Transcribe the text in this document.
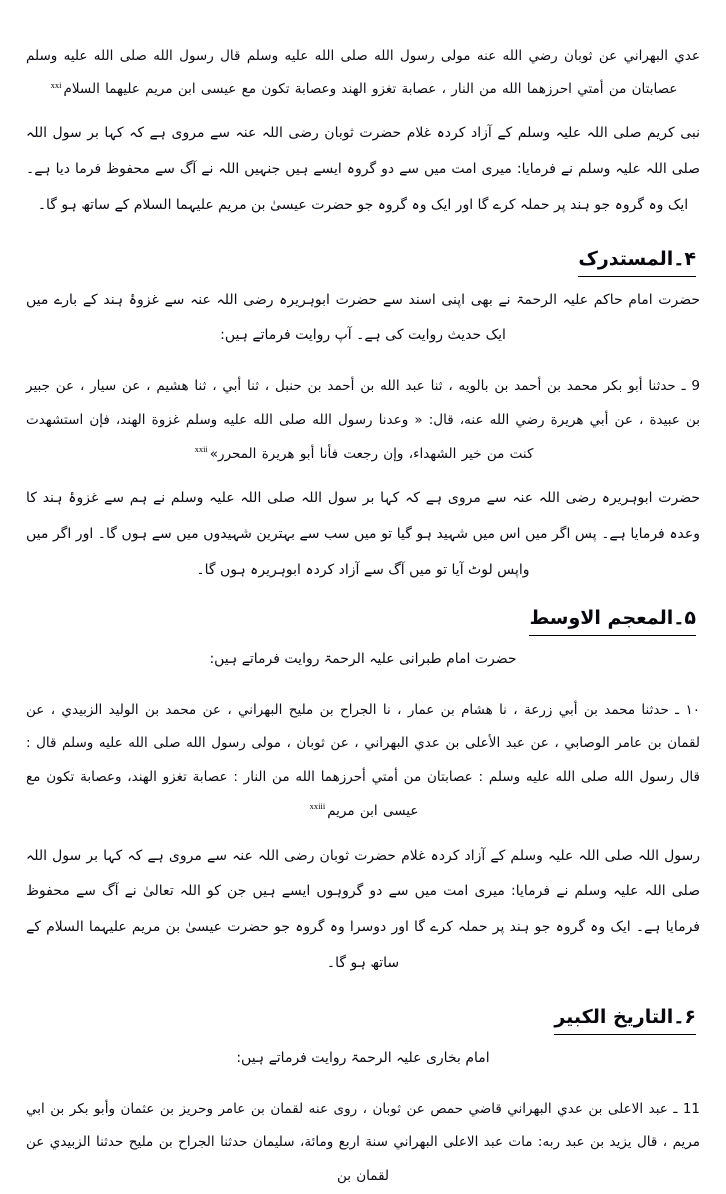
عدي البهراني عن ثوبان رضي الله عنه مولى رسول الله صلى الله عليه وسلم قال رسول الله صلى الله عليه وسلم عصابتان من أمتي احرزهما الله من النار ، عصابة تغزو الهند وعصابة تكون مع عيسى ابن مريم عليهما السلام$^{xxi}$

نبی کریم صلی اللہ علیہ وسلم کے آزاد کردہ غلام حضرت ثوبان رضی اللہ عنہ سے مروی ہے کہ کہا بر سول اللہ صلی اللہ علیہ وسلم نے فرمایا: میری امت میں سے دو گروہ ایسے ہیں جنہیں اللہ نے آگ سے محفوظ فرما دیا ہے۔ ایک وہ گروہ جو ہند پر حملہ کرے گا اور ایک وہ گروہ جو حضرت عیسیٰ بن مریم علیہما السلام کے ساتھ ہو گا۔

۴۔المستدرک

حضرت امام حاکم علیہ الرحمۃ نے بھی اپنی اسند سے حضرت ابوہریرہ رضی اللہ عنہ سے غزوۂ ہند کے بارے میں ایک حدیث روایت کی ہے۔ آپ روایت فرماتے ہیں:

9 ـ حدثنا أبو بكر محمد بن أحمد بن بالويه ، ثنا عبد الله بن أحمد بن حنبل ، ثنا أبي ، ثنا هشيم ، عن سيار ، عن جبير بن عبيدة ، عن أبي هريرة رضي الله عنه، قال: « وعدنا رسول الله صلى الله عليه وسلم غزوة الهند، فإن استشهدت كنت من خير الشهداء، وإن رجعت فأنا أبو هريرة المحرر»$^{xxii}$

حضرت ابوہریرہ رضی اللہ عنہ سے مروی ہے کہ کہا بر سول اللہ صلی اللہ علیہ وسلم نے ہم سے غزوۂ ہند کا وعدہ فرمایا ہے۔ پس اگر میں اس میں شہید ہو گیا تو میں سب سے بہترین شہیدوں میں سے ہوں گا۔ اور اگر میں واپس لوٹ آیا تو میں آگ سے آزاد کردہ ابوہریرہ ہوں گا۔

۵۔المعجم الاوسط

حضرت امام طبرانی علیہ الرحمۃ روایت فرماتے ہیں:

١٠ ـ حدثنا محمد بن أبي زرعة ، نا هشام بن عمار ، نا الجراح بن مليح البهراني ، عن محمد بن الوليد الزبيدي ، عن لقمان بن عامر الوصابي ، عن عبد الأعلى بن عدي البهراني ، عن ثوبان ، مولى رسول الله صلى الله عليه وسلم قال : قال رسول الله صلى الله عليه وسلم : عصابتان من أمتي أحرزهما الله من النار : عصابة تغزو الهند، وعصابة تكون مع عيسى ابن مريم$^{xxiii}$

رسول اللہ صلی اللہ علیہ وسلم کے آزاد کردہ غلام حضرت ثوبان رضی اللہ عنہ سے مروی ہے کہ کہا بر سول اللہ صلی اللہ علیہ وسلم نے فرمایا: میری امت میں سے دو گروہوں ایسے ہیں جن کو اللہ تعالیٰ نے آگ سے محفوظ فرمایا ہے۔ ایک وہ گروہ جو ہند پر حملہ کرے گا اور دوسرا وہ گروہ جو حضرت عیسیٰ بن مریم علیہما السلام کے ساتھ ہو گا۔

۶۔التاریخ الکبیر

امام بخاری علیہ الرحمۃ روایت فرماتے ہیں:

11 ـ عبد الاعلى بن عدي البهراني قاضي حمص عن ثوبان ، روى عنه لقمان بن عامر وحريز بن عثمان وأبو بكر بن ابي مريم ، قال يزيد بن عبد ربه: مات عبد الاعلى البهراني سنة اربع ومائة، سليمان حدثنا الجراح بن مليح حدثنا الزبيدي عن لقمان بن
